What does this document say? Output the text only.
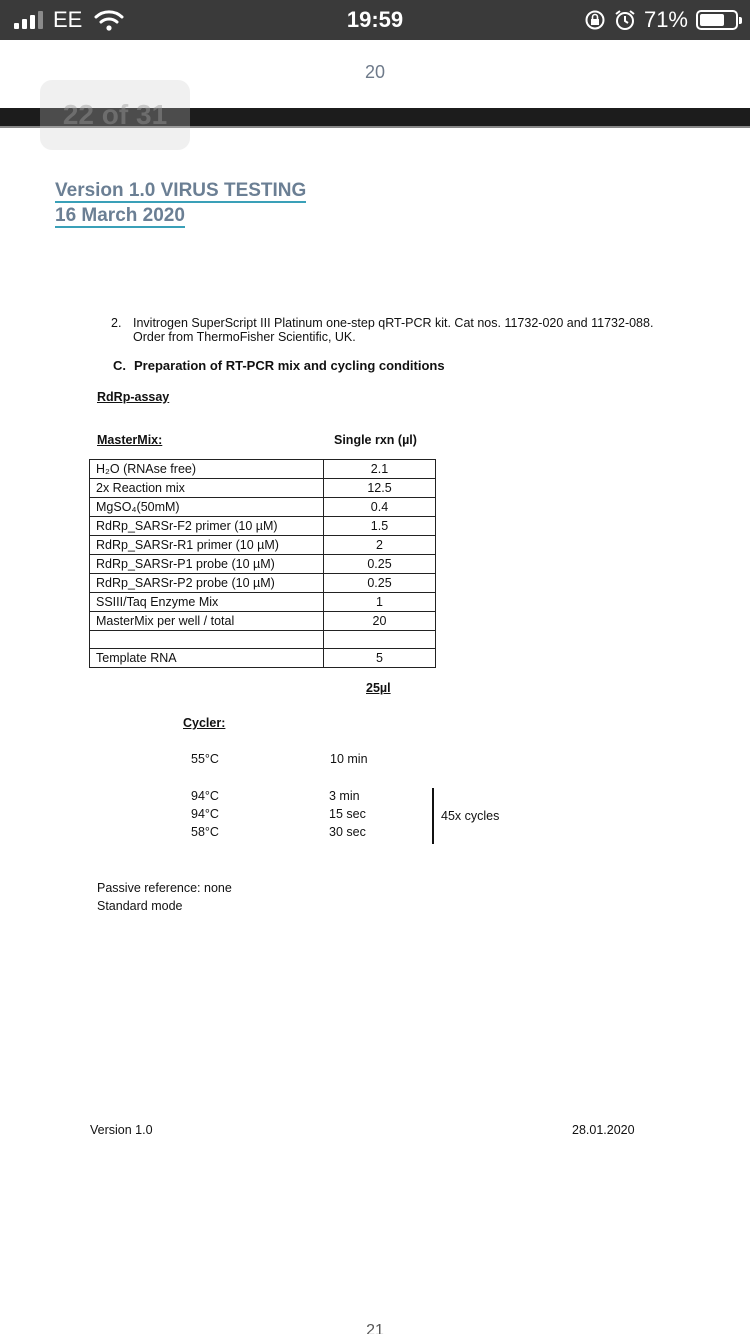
EE	19:59	71%
20
22 of 31
Version 1.0 VIRUS TESTING
16 March 2020
2. Invitrogen SuperScript III Platinum one-step qRT-PCR kit. Cat nos. 11732-020 and 11732-088.
Order from ThermoFisher Scientific, UK.
C. Preparation of RT-PCR mix and cycling conditions
RdRp-assay
MasterMix:	Single rxn (µl)
H₂O (RNAse free)	2.1
2x Reaction mix	12.5
MgSO₄(50mM)	0.4
RdRp_SARSr-F2 primer (10 µM)	1.5
RdRp_SARSr-R1 primer (10 µM)	2
RdRp_SARSr-P1 probe (10 µM)	0.25
RdRp_SARSr-P2 probe (10 µM)	0.25
SSIII/Taq Enzyme Mix	1
MasterMix per well / total	20

Template RNA	5
25µl
Cycler:
55°C	10 min
94°C	3 min
94°C	15 sec
58°C	30 sec
45x cycles
Passive reference: none
Standard mode
Version 1.0	28.01.2020
21
